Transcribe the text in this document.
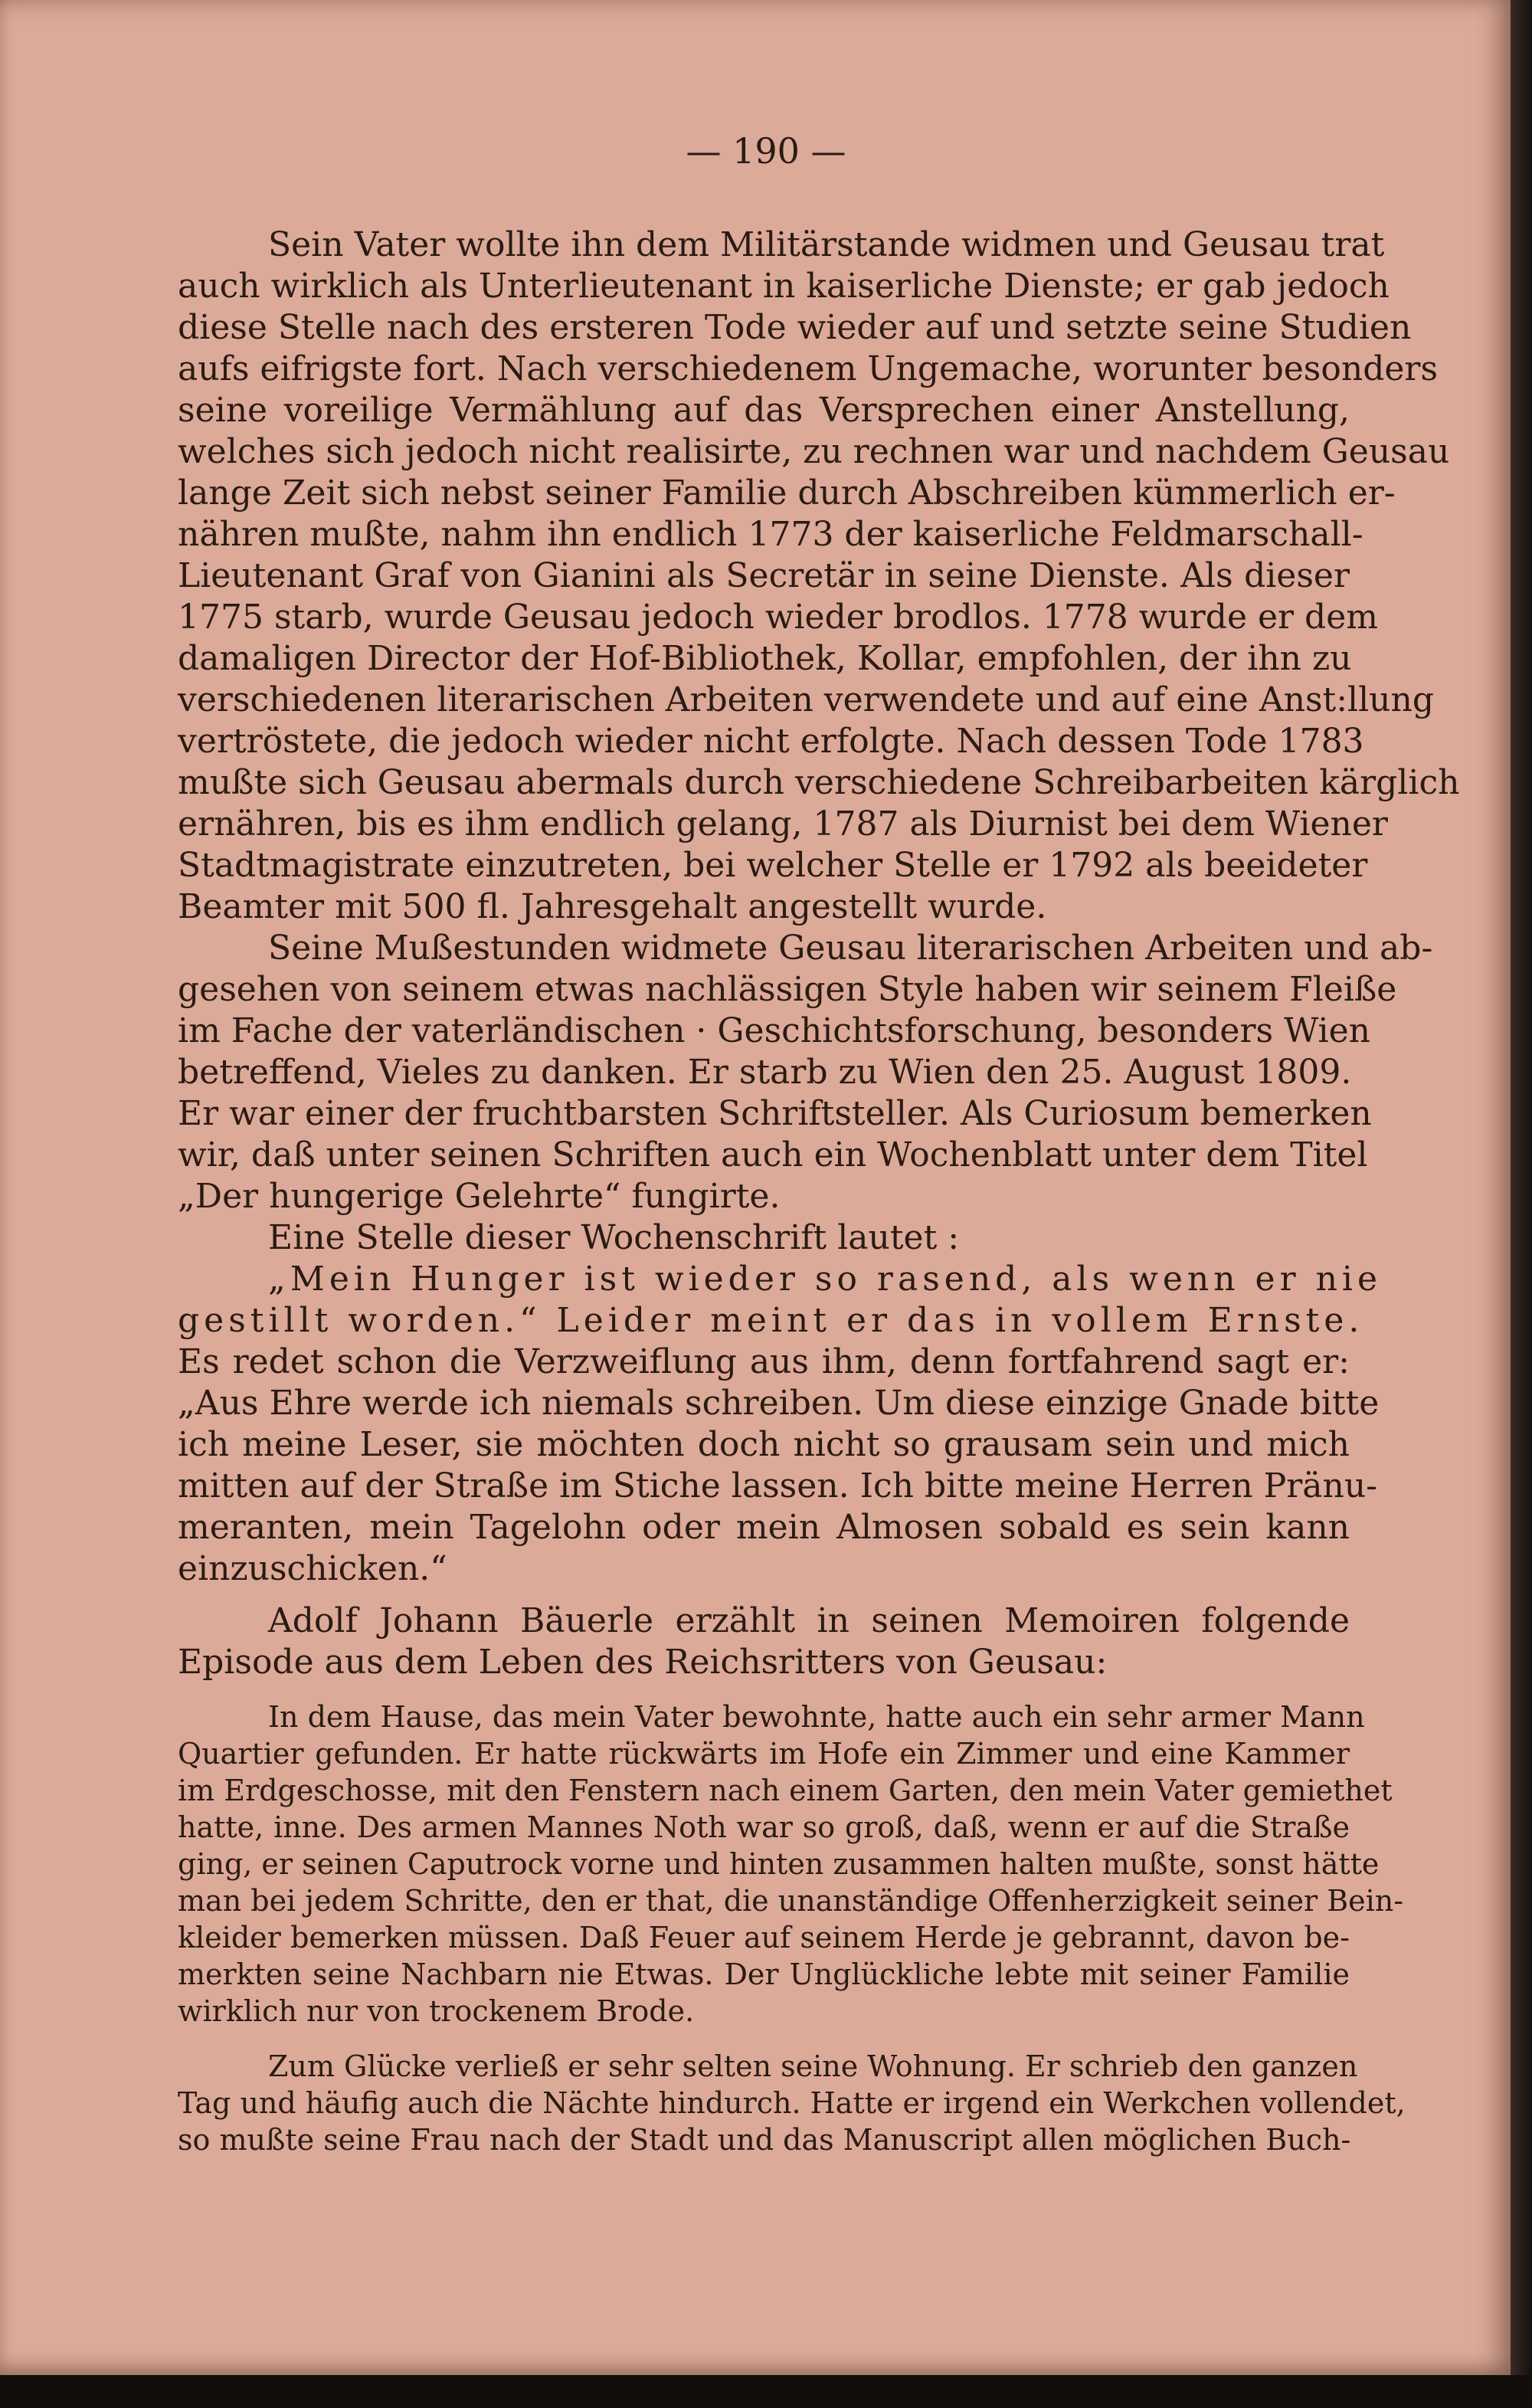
— 190 —
Sein Vater wollte ihn dem Militärstande widmen und Geusau trat
auch wirklich als Unterlieutenant in kaiserliche Dienste; er gab jedoch
diese Stelle nach des ersteren Tode wieder auf und setzte seine Studien
aufs eifrigste fort. Nach verschiedenem Ungemache, worunter besonders
seine voreilige Vermählung auf das Versprechen einer Anstellung,
welches sich jedoch nicht realisirte, zu rechnen war und nachdem Geusau
lange Zeit sich nebst seiner Familie durch Abschreiben kümmerlich er-
nähren mußte, nahm ihn endlich 1773 der kaiserliche Feldmarschall-
Lieutenant Graf von Gianini als Secretär in seine Dienste. Als dieser
1775 starb, wurde Geusau jedoch wieder brodlos. 1778 wurde er dem
damaligen Director der Hof-Bibliothek, Kollar, empfohlen, der ihn zu
verschiedenen literarischen Arbeiten verwendete und auf eine Anst:llung
vertröstete, die jedoch wieder nicht erfolgte. Nach dessen Tode 1783
mußte sich Geusau abermals durch verschiedene Schreibarbeiten kärglich
ernähren, bis es ihm endlich gelang, 1787 als Diurnist bei dem Wiener
Stadtmagistrate einzutreten, bei welcher Stelle er 1792 als beeideter
Beamter mit 500 fl. Jahresgehalt angestellt wurde.
Seine Mußestunden widmete Geusau literarischen Arbeiten und ab-
gesehen von seinem etwas nachlässigen Style haben wir seinem Fleiße
im Fache der vaterländischen · Geschichtsforschung, besonders Wien
betreffend, Vieles zu danken. Er starb zu Wien den 25. August 1809.
Er war einer der fruchtbarsten Schriftsteller. Als Curiosum bemerken
wir, daß unter seinen Schriften auch ein Wochenblatt unter dem Titel
„Der hungerige Gelehrte“ fungirte.
Eine Stelle dieser Wochenschrift lautet :
„Mein Hunger ist wieder so rasend, als wenn er nie
gestillt worden.“ Leider meint er das in vollem Ernste.
Es redet schon die Verzweiflung aus ihm, denn fortfahrend sagt er:
„Aus Ehre werde ich niemals schreiben. Um diese einzige Gnade bitte
ich meine Leser, sie möchten doch nicht so grausam sein und mich
mitten auf der Straße im Stiche lassen. Ich bitte meine Herren Pränu-
meranten, mein Tagelohn oder mein Almosen sobald es sein kann
einzuschicken.“
Adolf Johann Bäuerle erzählt in seinen Memoiren folgende
Episode aus dem Leben des Reichsritters von Geusau:
In dem Hause, das mein Vater bewohnte, hatte auch ein sehr armer Mann
Quartier gefunden. Er hatte rückwärts im Hofe ein Zimmer und eine Kammer
im Erdgeschosse, mit den Fenstern nach einem Garten, den mein Vater gemiethet
hatte, inne. Des armen Mannes Noth war so groß, daß, wenn er auf die Straße
ging, er seinen Caputrock vorne und hinten zusammen halten mußte, sonst hätte
man bei jedem Schritte, den er that, die unanständige Offenherzigkeit seiner Bein-
kleider bemerken müssen. Daß Feuer auf seinem Herde je gebrannt, davon be-
merkten seine Nachbarn nie Etwas. Der Unglückliche lebte mit seiner Familie
wirklich nur von trockenem Brode.
Zum Glücke verließ er sehr selten seine Wohnung. Er schrieb den ganzen
Tag und häufig auch die Nächte hindurch. Hatte er irgend ein Werkchen vollendet,
so mußte seine Frau nach der Stadt und das Manuscript allen möglichen Buch-
